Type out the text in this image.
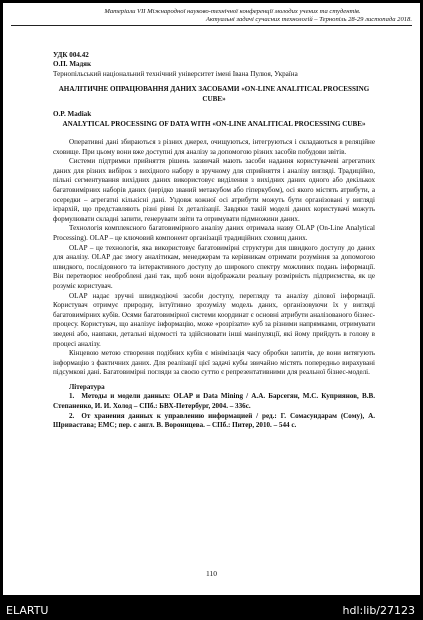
Матеріали VII Міжнародної науково-технічної конференції молодих учених та студентів.
Актуальні задачі сучасних технологій – Тернопіль 28-29 листопада 2018.
УДК 004.42
О.П. Мадяк
Тернопільський національний технічний університет імені Івана Пулюя, Україна
АНАЛІТИЧНЕ ОПРАЦЮВАННЯ ДАНИХ ЗАСОБАМИ «ON-LINE ANALITICAL PROCESSING CUBE»
O.P. Madiak
ANALYTICAL PROCESSING OF DATA WITH «ON-LINE ANALITICAL PROCESSING CUBE»

Оперативні дані збираються з різних джерел, очищуються, інтегруються і складаються в реляційне сховище. При цьому вони вже доступні для аналізу за допомогою різних засобів побудови звітів.

Системи підтримки прийняття рішень зазвичай мають засоби надання користувачеві агрегатних даних для різних вибірок з вихідного набору в зручному для сприйняття і аналізу вигляді. Традиційно, пільні сегментування вихідних даних використовує виділення з вихідних даних одного або декількох багатовимірних наборів даних (нерідко званий метакубом або гіперкубом), осі якого містять атрибути, а осередки – агрегатні кількісні дані. Уздовж кожної осі атрибути можуть бути організовані у вигляді ієрархій, що представляють різні рівні їх деталізації. Завдяки такій моделі даних користувачі можуть формулювати складні запити, генерувати звіти та отримувати підмножини даних.

Технологія комплексного багатовимірного аналізу даних отримала назву OLAP (On-Line Analytical Processing). OLAP – це ключовий компонент організації традиційних сховищ даних.

OLAP – це технологія, яка використовує багатовимірні структури для швидкого доступу до даних для аналізу. OLAP дає змогу аналітикам, менеджерам та керівникам отримати розуміння за допомогою швидкого, послідовного та інтерактивного доступу до широкого спектру можливих подань інформації. Він перетворює необроблені дані так, щоб вони відображали реальну розмірність підприємства, як це розуміє користувач.

OLAP надає зручні швидкодіючі засоби доступу, перегляду та аналізу ділової інформації. Користувач отримує природну, інтуїтивно зрозумілу модель даних, організовуючи їх у вигляді багатовимірних кубів. Осями багатовимірної системи координат є основні атрибути аналізованого бізнес-процесу. Користувач, що аналізує інформацію, може «розрізати» куб за різними напрямками, отримувати зведені або, навпаки, детальні відомості та здійснювати інші маніпуляції, які йому прийдуть в голову в процесі аналізу.

Кінцевою метою створення подібних кубів є мінімізація часу обробки запитів, де вони витягують інформацію з фактичних даних. Для реалізації цієї задачі кубы звичайно містять попередньо вирахувані підсумкові дані. Багатовимірні погляди за своєю суттю є репрезентативними для реальної бізнес-моделі.

Література

1. Методы и модели данных: OLAP и Data Mining / А.А. Барсегян, М.С. Куприянов, В.В. Степаненко, И. И. Холод – СПб.: БВХ-Петербург, 2004. – 336с.

2. От хранения данных к управлению информацией / ред.: Г. Сомасундарам (Сому), А. Шриваставa; ЕМС; пер. с англ. В. Вороницева. – СПб.: Питер, 2010. – 544 с.

110
ELARTU	hdl:lib/27123
